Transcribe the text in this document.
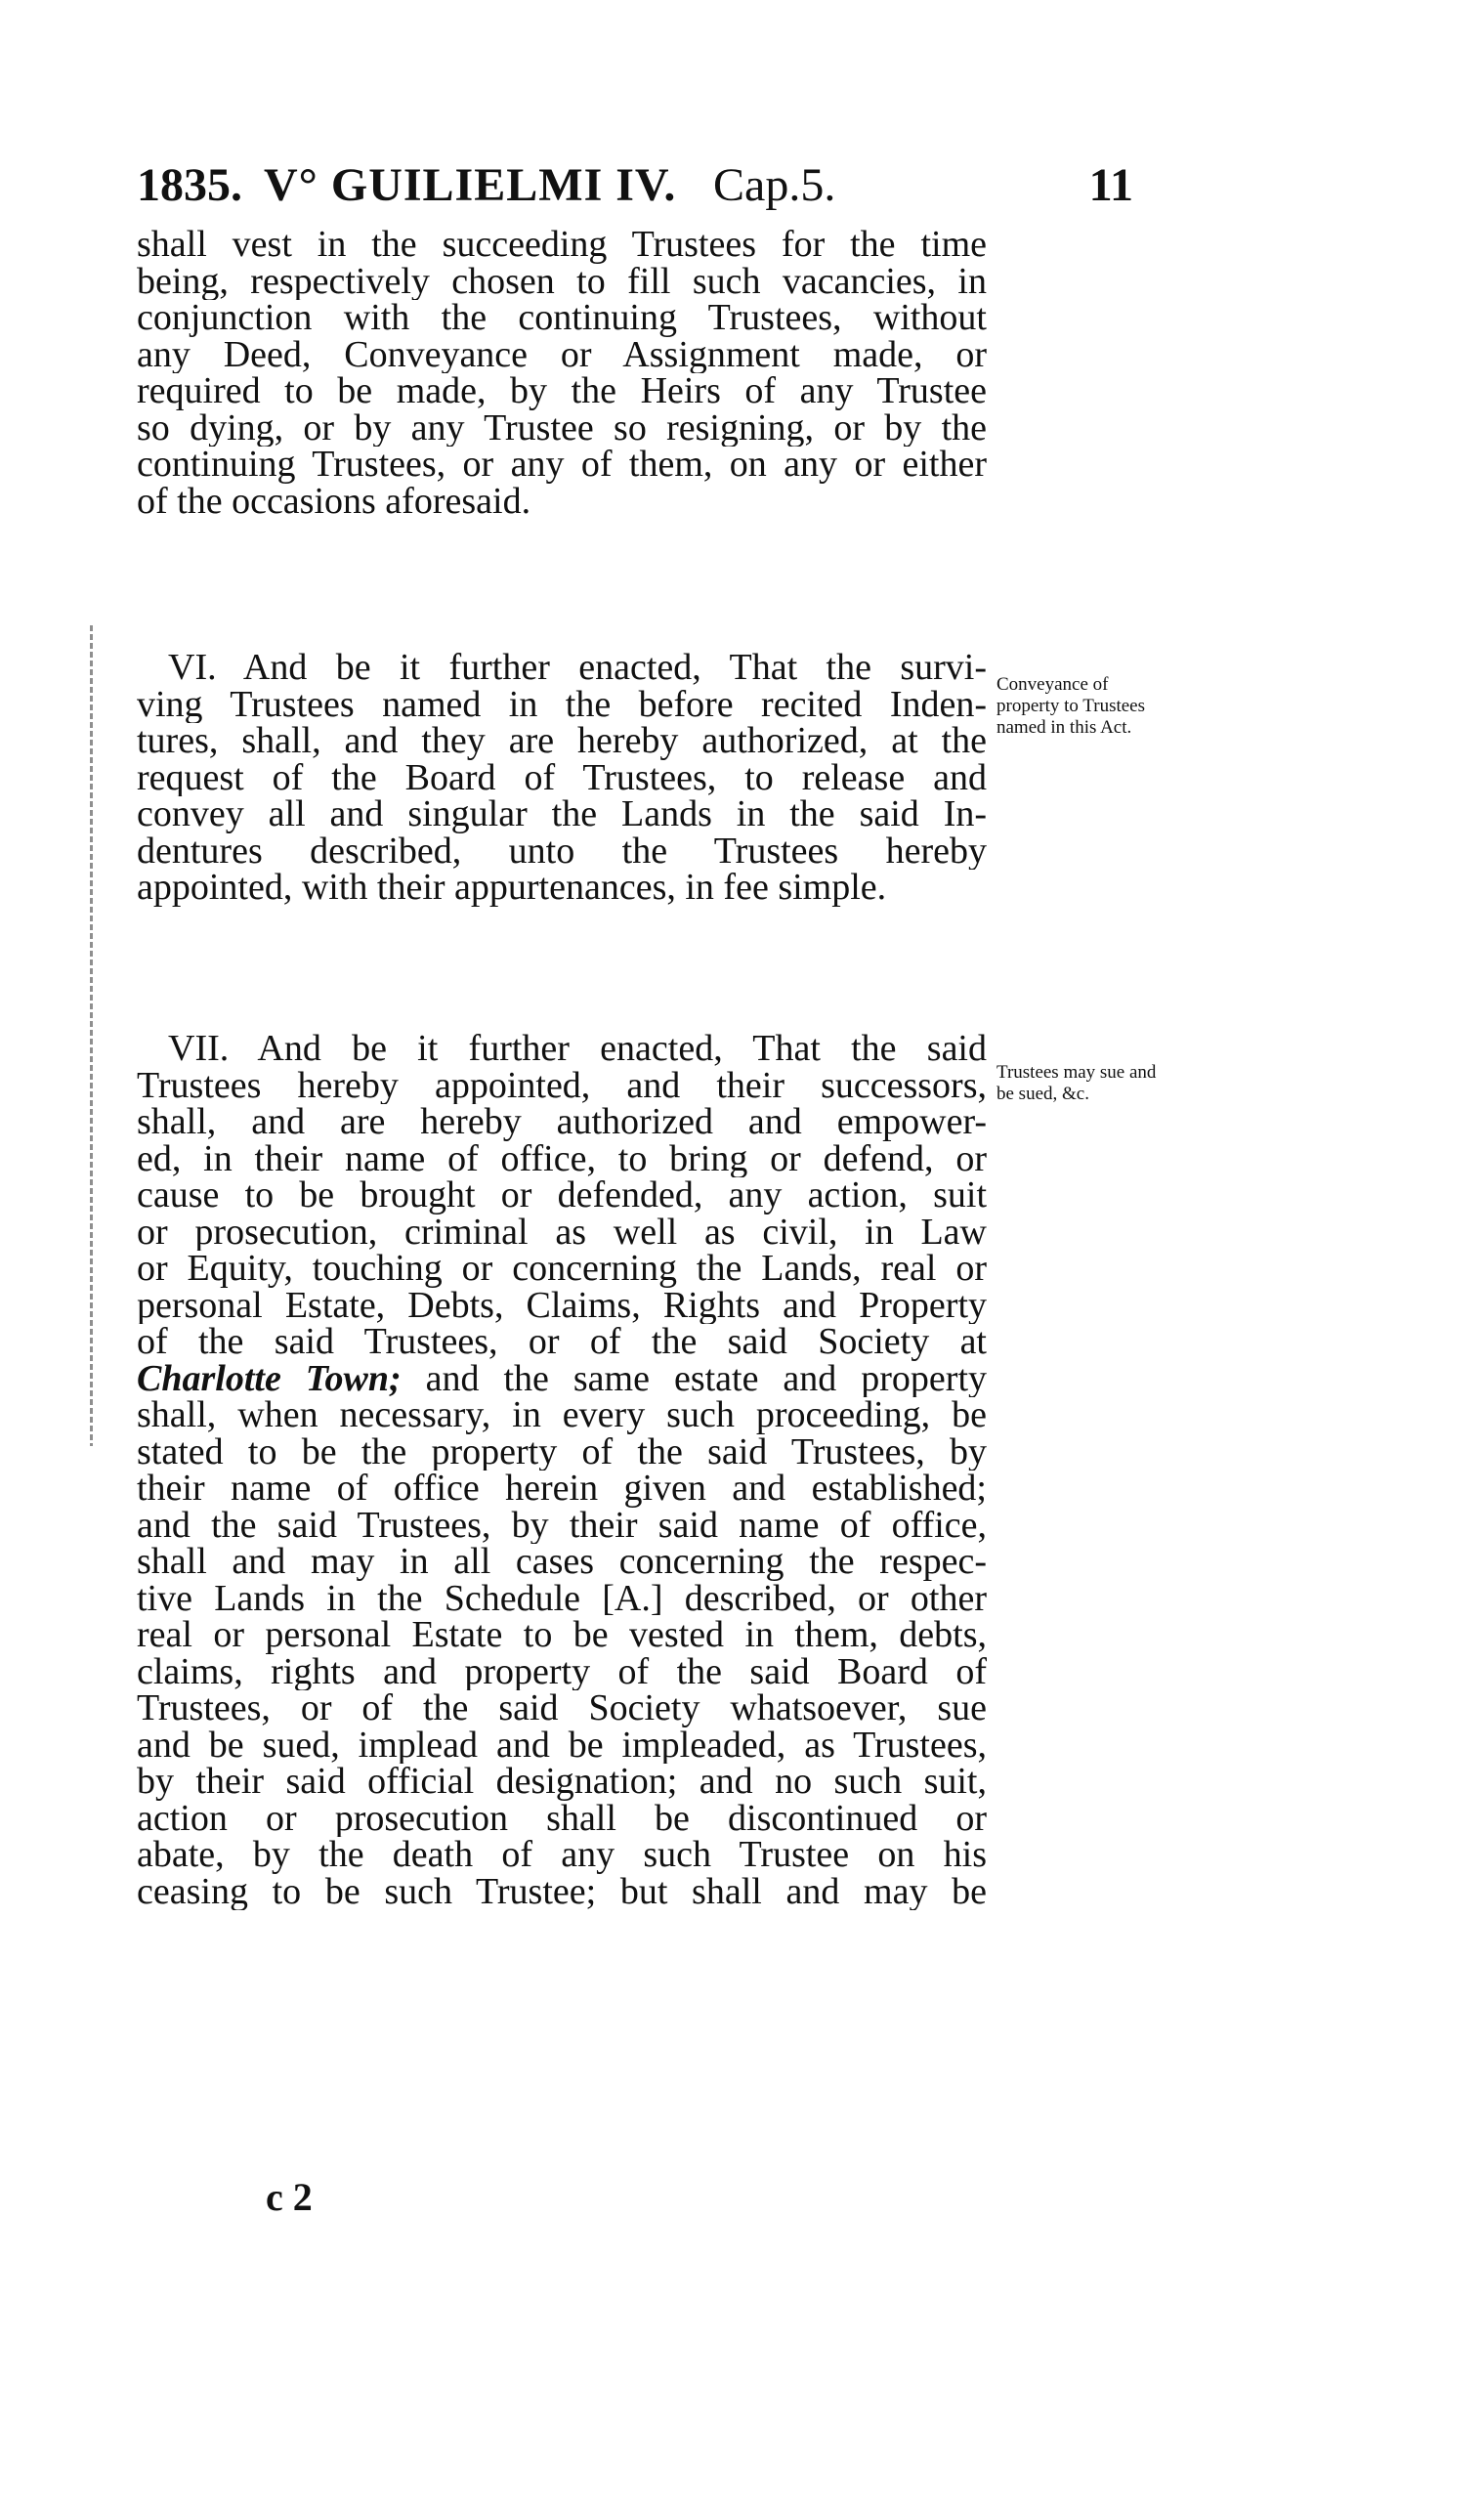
1835. V° GUILIELMI IV. Cap.5.	11
shall vest in the succeeding Trustees for the time
being, respectively chosen to fill such vacancies, in
conjunction with the continuing Trustees, without
any Deed, Conveyance or Assignment made, or
required to be made, by the Heirs of any Trustee
so dying, or by any Trustee so resigning, or by the
continuing Trustees, or any of them, on any or either
of the occasions aforesaid.
VI. And be it further enacted, That the survi-
ving Trustees named in the before recited Inden-
tures, shall, and they are hereby authorized, at the
request of the Board of Trustees, to release and
convey all and singular the Lands in the said In-
dentures described, unto the Trustees hereby
appointed, with their appurtenances, in fee simple.
Conveyance of property to Trustees named in this Act.
VII. And be it further enacted, That the said
Trustees hereby appointed, and their successors,
shall, and are hereby authorized and empower-
ed, in their name of office, to bring or defend, or
cause to be brought or defended, any action, suit
or prosecution, criminal as well as civil, in Law
or Equity, touching or concerning the Lands, real or
personal Estate, Debts, Claims, Rights and Property
of the said Trustees, or of the said Society at
Charlotte Town; and the same estate and property
shall, when necessary, in every such proceeding, be
stated to be the property of the said Trustees, by
their name of office herein given and established;
and the said Trustees, by their said name of office,
shall and may in all cases concerning the respec-
tive Lands in the Schedule [A.] described, or other
real or personal Estate to be vested in them, debts,
claims, rights and property of the said Board of
Trustees, or of the said Society whatsoever, sue
and be sued, implead and be impleaded, as Trustees,
by their said official designation; and no such suit,
action or prosecution shall be discontinued or
abate, by the death of any such Trustee on his
ceasing to be such Trustee; but shall and may be
Trustees may sue and be sued, &c.
c 2
